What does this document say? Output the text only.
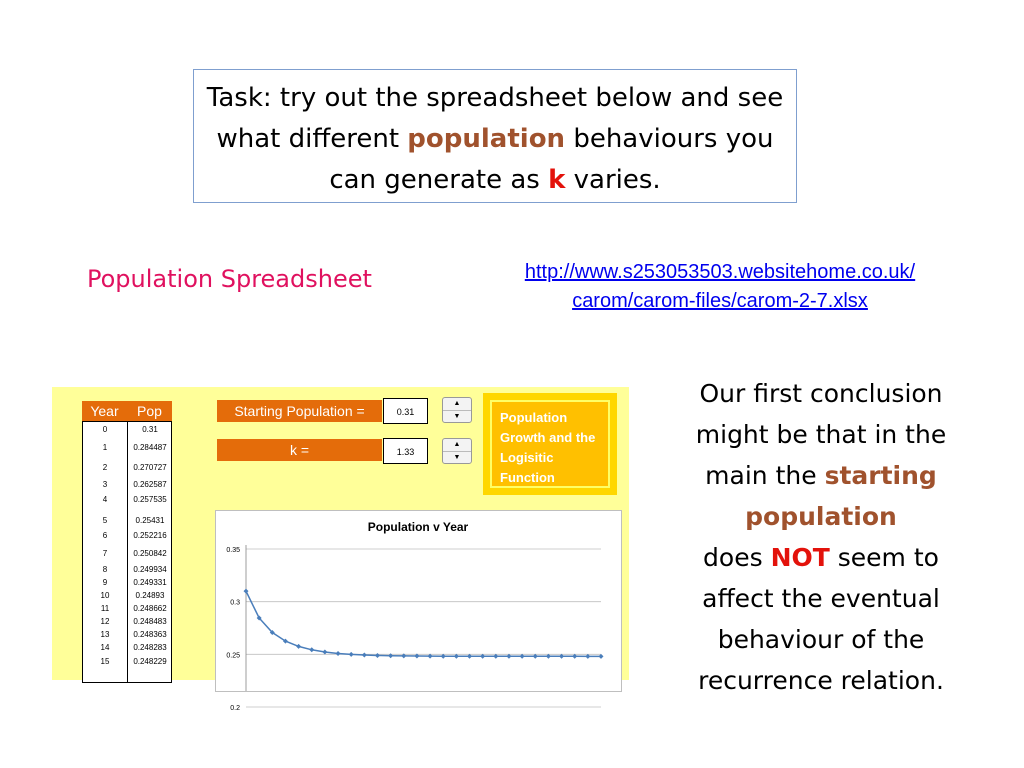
Task: try out the spreadsheet below and see what different population behaviours you can generate as k varies.
Population Spreadsheet	http://www.s253053503.websitehome.co.uk/
carom/carom-files/carom-2-7.xlsx
Our first conclusion might be that in the main the starting population
does NOT seem to affect the eventual behaviour of the recurrence relation.
Year	Pop
0	0.31
1	0.284487
2	0.270727
3	0.262587
4	0.257535
5	0.25431
6	0.252216
7	0.250842
8	0.249934
9	0.249331
10	0.24893
11	0.248662
12	0.248483
13	0.248363
14	0.248283
15	0.248229
Starting Population =	0.31
▲
▼
k =	1.33
▲
▼
Population Growth and the Logisitic Function
Population v Year
0.35
0.3
0.25
0.2
